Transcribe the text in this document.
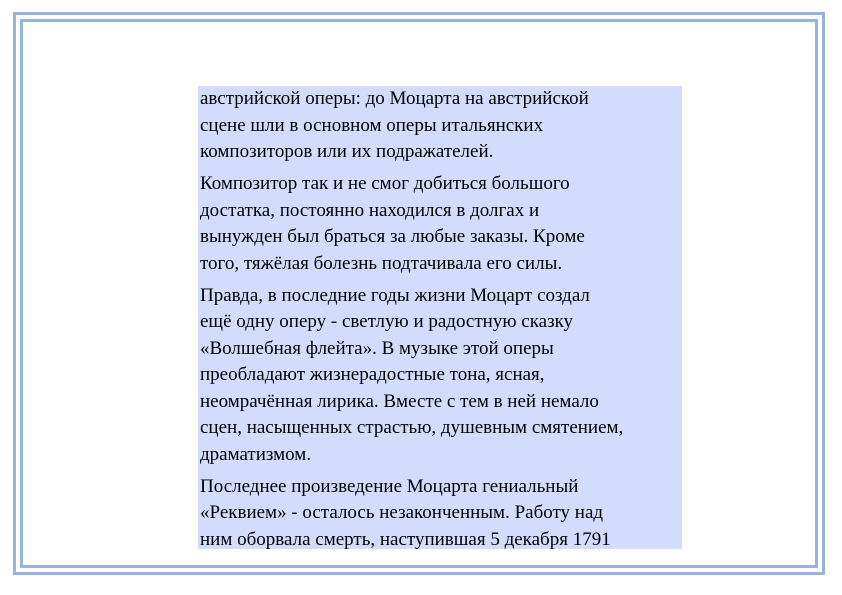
австрийской оперы: до Моцарта на австрийской
сцене шли в основном оперы итальянских
композиторов или их подражателей.

Композитор так и не смог добиться большого
достатка, постоянно находился в долгах и
вынужден был браться за любые заказы. Кроме
того, тяжёлая болезнь подтачивала его силы.

Правда, в последние годы жизни Моцарт создал
ещё одну оперу - светлую и радостную сказку
«Волшебная флейта». В музыке этой оперы
преобладают жизнерадостные тона, ясная,
неомрачённая лирика. Вместе с тем в ней немало
сцен, насыщенных страстью, душевным смятением,
драматизмом.

Последнее произведение Моцарта гениальный
«Реквием» - осталось незаконченным. Работу над
ним оборвала смерть, наступившая 5 декабря 1791
